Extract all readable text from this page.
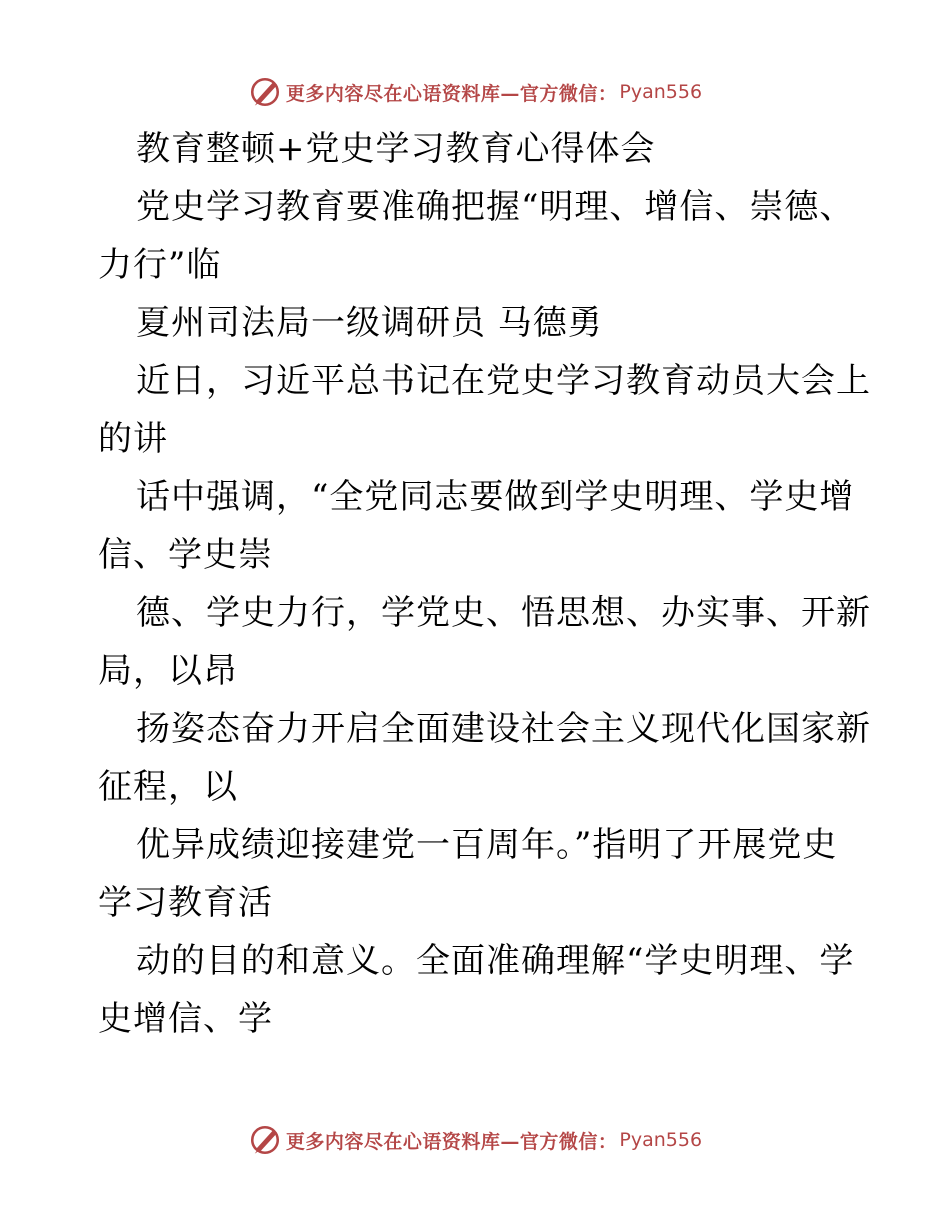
更多内容尽在心语资料库—官方微信： Pyan556
教育整顿+党史学习教育心得体会
党史学习教育要准确把握“明理、增信、崇德、
力行”临
夏州司法局一级调研员 马德勇
近日，习近平总书记在党史学习教育动员大会上
的讲
话中强调，“全党同志要做到学史明理、学史增
信、学史崇
德、学史力行，学党史、悟思想、办实事、开新
局，以昂
扬姿态奋力开启全面建设社会主义现代化国家新
征程，以
优异成绩迎接建党一百周年。”指明了开展党史
学习教育活
动的目的和意义。全面准确理解“学史明理、学
史增信、学
更多内容尽在心语资料库—官方微信： Pyan556
